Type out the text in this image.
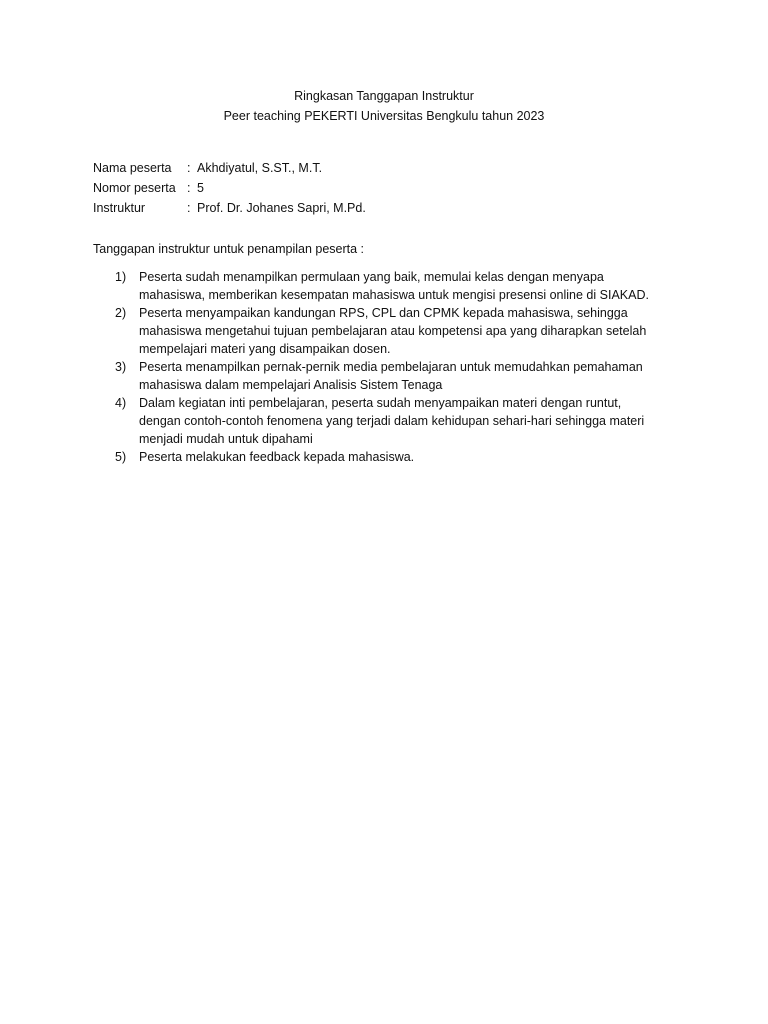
Ringkasan Tanggapan Instruktur
Peer teaching PEKERTI Universitas Bengkulu tahun 2023
Nama peserta	: Akhdiyatul, S.ST., M.T.
Nomor peserta : 5
Instruktur	: Prof. Dr. Johanes Sapri, M.Pd.
Tanggapan instruktur untuk penampilan peserta :
1) Peserta sudah menampilkan permulaan yang baik, memulai kelas dengan menyapa
mahasiswa, memberikan kesempatan mahasiswa untuk mengisi presensi online di SIAKAD.
2) Peserta menyampaikan kandungan RPS, CPL dan CPMK kepada mahasiswa, sehingga
mahasiswa mengetahui tujuan pembelajaran atau kompetensi apa yang diharapkan setelah
mempelajari materi yang disampaikan dosen.
3) Peserta menampilkan pernak-pernik media pembelajaran untuk memudahkan pemahaman
mahasiswa dalam mempelajari Analisis Sistem Tenaga
4) Dalam kegiatan inti pembelajaran, peserta sudah menyampaikan materi dengan runtut,
dengan contoh-contoh fenomena yang terjadi dalam kehidupan sehari-hari sehingga materi
menjadi mudah untuk dipahami
5) Peserta melakukan feedback kepada mahasiswa.
